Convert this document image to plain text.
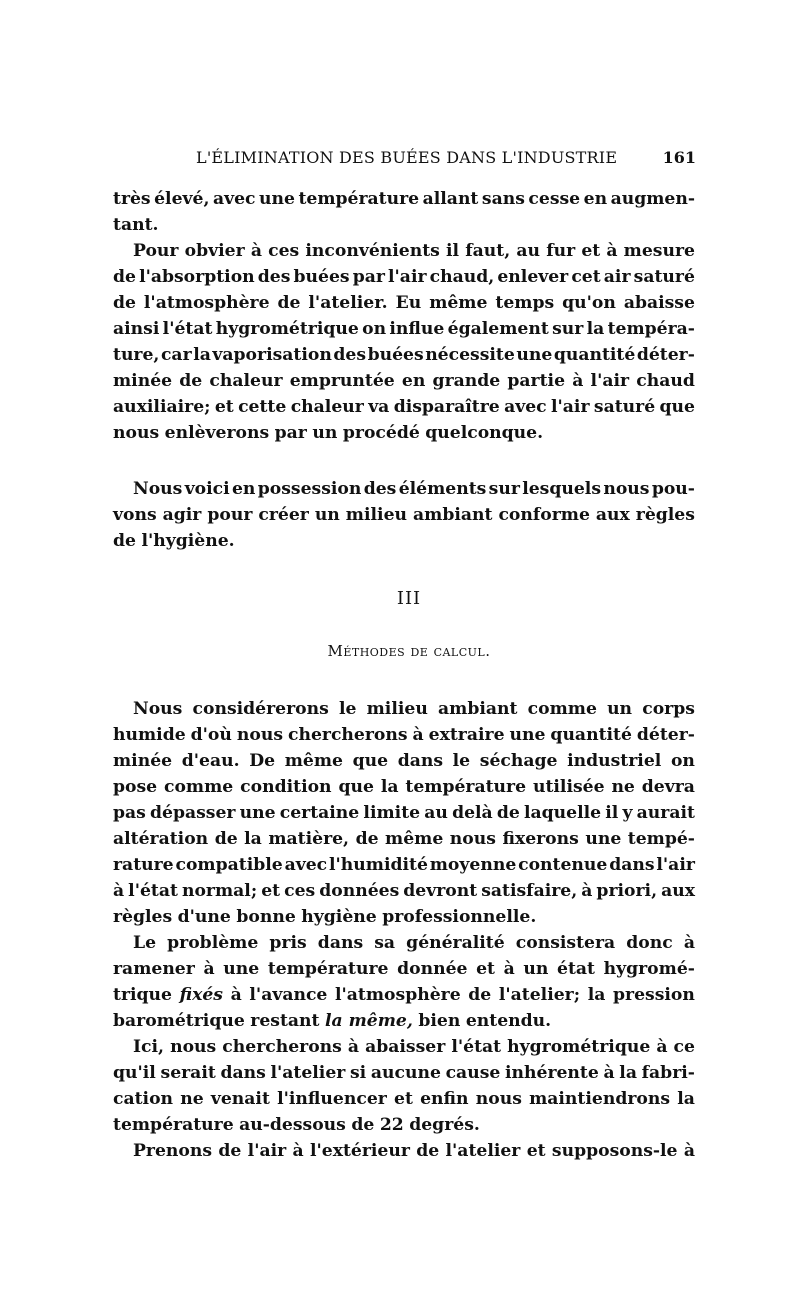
L'ÉLIMINATION DES BUÉES DANS L'INDUSTRIE	161
très élevé, avec une température allant sans cesse en augmen-
tant.
Pour obvier à ces inconvénients il faut, au fur et à mesure
de l'absorption des buées par l'air chaud, enlever cet air saturé
de l'atmosphère de l'atelier. Eu même temps qu'on abaisse
ainsi l'état hygrométrique on influe également sur la tempéra-
ture, car la vaporisation des buées nécessite une quantité déter-
minée de chaleur empruntée en grande partie à l'air chaud
auxiliaire; et cette chaleur va disparaître avec l'air saturé que
nous enlèverons par un procédé quelconque.
Nous voici en possession des éléments sur lesquels nous pou-
vons agir pour créer un milieu ambiant conforme aux règles
de l'hygiène.
III
Méthodes de calcul.
Nous considérerons le milieu ambiant comme un corps
humide d'où nous chercherons à extraire une quantité déter-
minée d'eau. De même que dans le séchage industriel on
pose comme condition que la température utilisée ne devra
pas dépasser une certaine limite au delà de laquelle il y aurait
altération de la matière, de même nous fixerons une tempé-
rature compatible avec l'humidité moyenne contenue dans l'air
à l'état normal; et ces données devront satisfaire, à priori, aux
règles d'une bonne hygiène professionnelle.
Le problème pris dans sa généralité consistera donc à
ramener à une température donnée et à un état hygromé-
trique fixés à l'avance l'atmosphère de l'atelier; la pression
barométrique restant la même, bien entendu.
Ici, nous chercherons à abaisser l'état hygrométrique à ce
qu'il serait dans l'atelier si aucune cause inhérente à la fabri-
cation ne venait l'influencer et enfin nous maintiendrons la
température au-dessous de 22 degrés.
Prenons de l'air à l'extérieur de l'atelier et supposons-le à
